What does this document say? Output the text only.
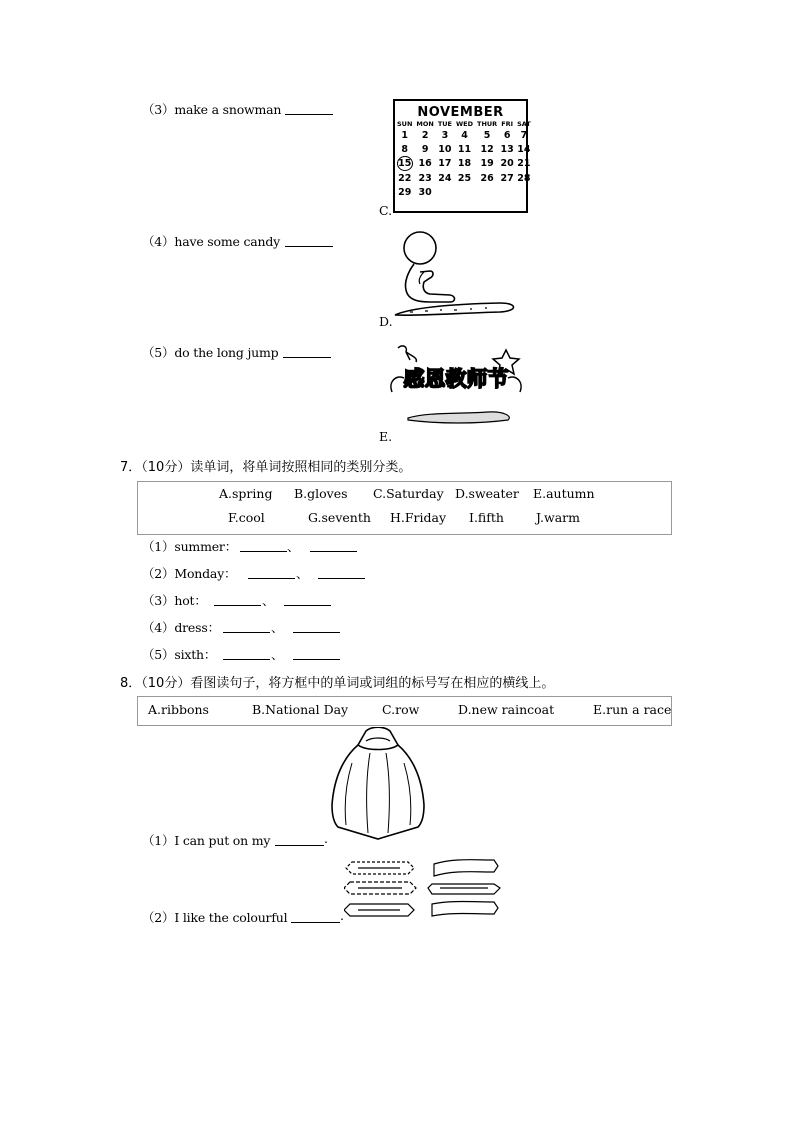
（3）make a snowman
（4）have some candy
（5）do the long jump
NOVEMBER
SUN	MON	TUE	WED	THUR	FRI	SAT
1	2	3	4	5	6	7
8	9	10	11	12	13	14
15	16	17	18	19	20	21
22	23	24	25	26	27	28
29	30					
C.
D.
感恩教师节
E.
7．（10分）读单词，将单词按照相同的类别分类。
A.spring B.gloves C.Saturday D.sweater E.autumn
F.cool	G.seventh H.Friday I.fifth	J.warm
（1）summer：	、
（2）Monday：	、
（3）hot：	、
（4）dress：	、
（5）sixth：	、
8．（10分）看图读句子，将方框中的单词或词组的标号写在相应的横线上。
A.ribbons	B.National Day	C.row	D.new raincoat	E.run a race
（1）I can put on my	.
（2）I like the colourful	.
